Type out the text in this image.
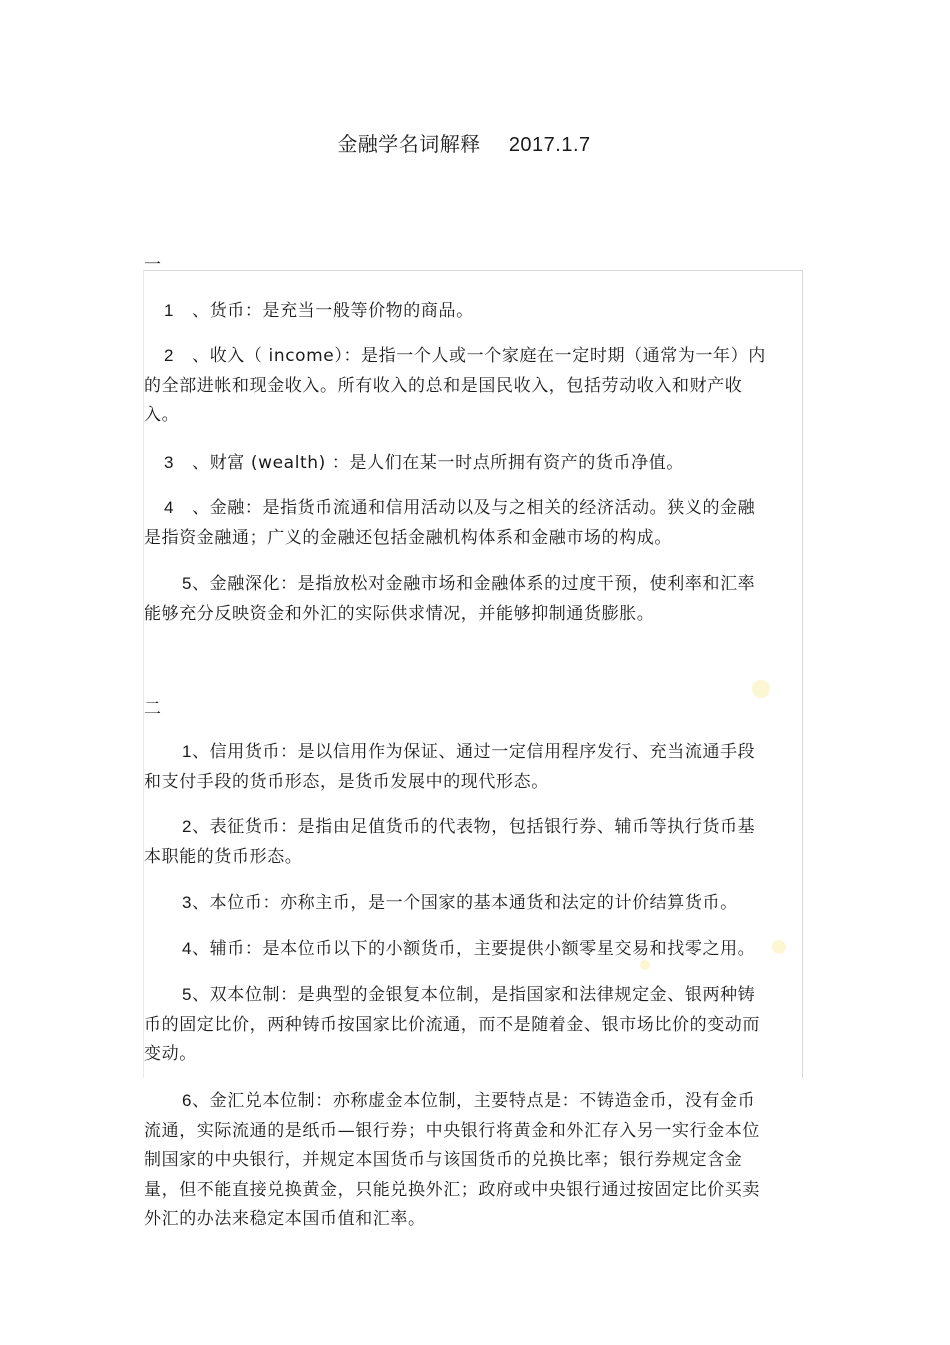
金融学名词解释 2017.1.7
一

1 、货币：是充当一般等价物的商品。

2 、收入（ income）：是指一个人或一个家庭在一定时期（通常为一年）内的全部进帐和现金收入。所有收入的总和是国民收入，包括劳动收入和财产收入。

3 、财富 (wealth) ：是人们在某一时点所拥有资产的货币净值。

4 、金融：是指货币流通和信用活动以及与之相关的经济活动。狭义的金融是指资金融通；广义的金融还包括金融机构体系和金融市场的构成。

5、金融深化：是指放松对金融市场和金融体系的过度干预，使利率和汇率能够充分反映资金和外汇的实际供求情况，并能够抑制通货膨胀。

二

1、信用货币：是以信用作为保证、通过一定信用程序发行、充当流通手段和支付手段的货币形态，是货币发展中的现代形态。

2、表征货币：是指由足值货币的代表物，包括银行券、辅币等执行货币基本职能的货币形态。

3、本位币：亦称主币，是一个国家的基本通货和法定的计价结算货币。

4、辅币：是本位币以下的小额货币，主要提供小额零星交易和找零之用。

5、双本位制：是典型的金银复本位制，是指国家和法律规定金、银两种铸币的固定比价，两种铸币按国家比价流通，而不是随着金、银市场比价的变动而变动。

6、金汇兑本位制：亦称虚金本位制，主要特点是：不铸造金币，没有金币流通，实际流通的是纸币—银行券；中央银行将黄金和外汇存入另一实行金本位制国家的中央银行，并规定本国货币与该国货币的兑换比率；银行券规定含金量，但不能直接兑换黄金，只能兑换外汇；政府或中央银行通过按固定比价买卖外汇的办法来稳定本国币值和汇率。
